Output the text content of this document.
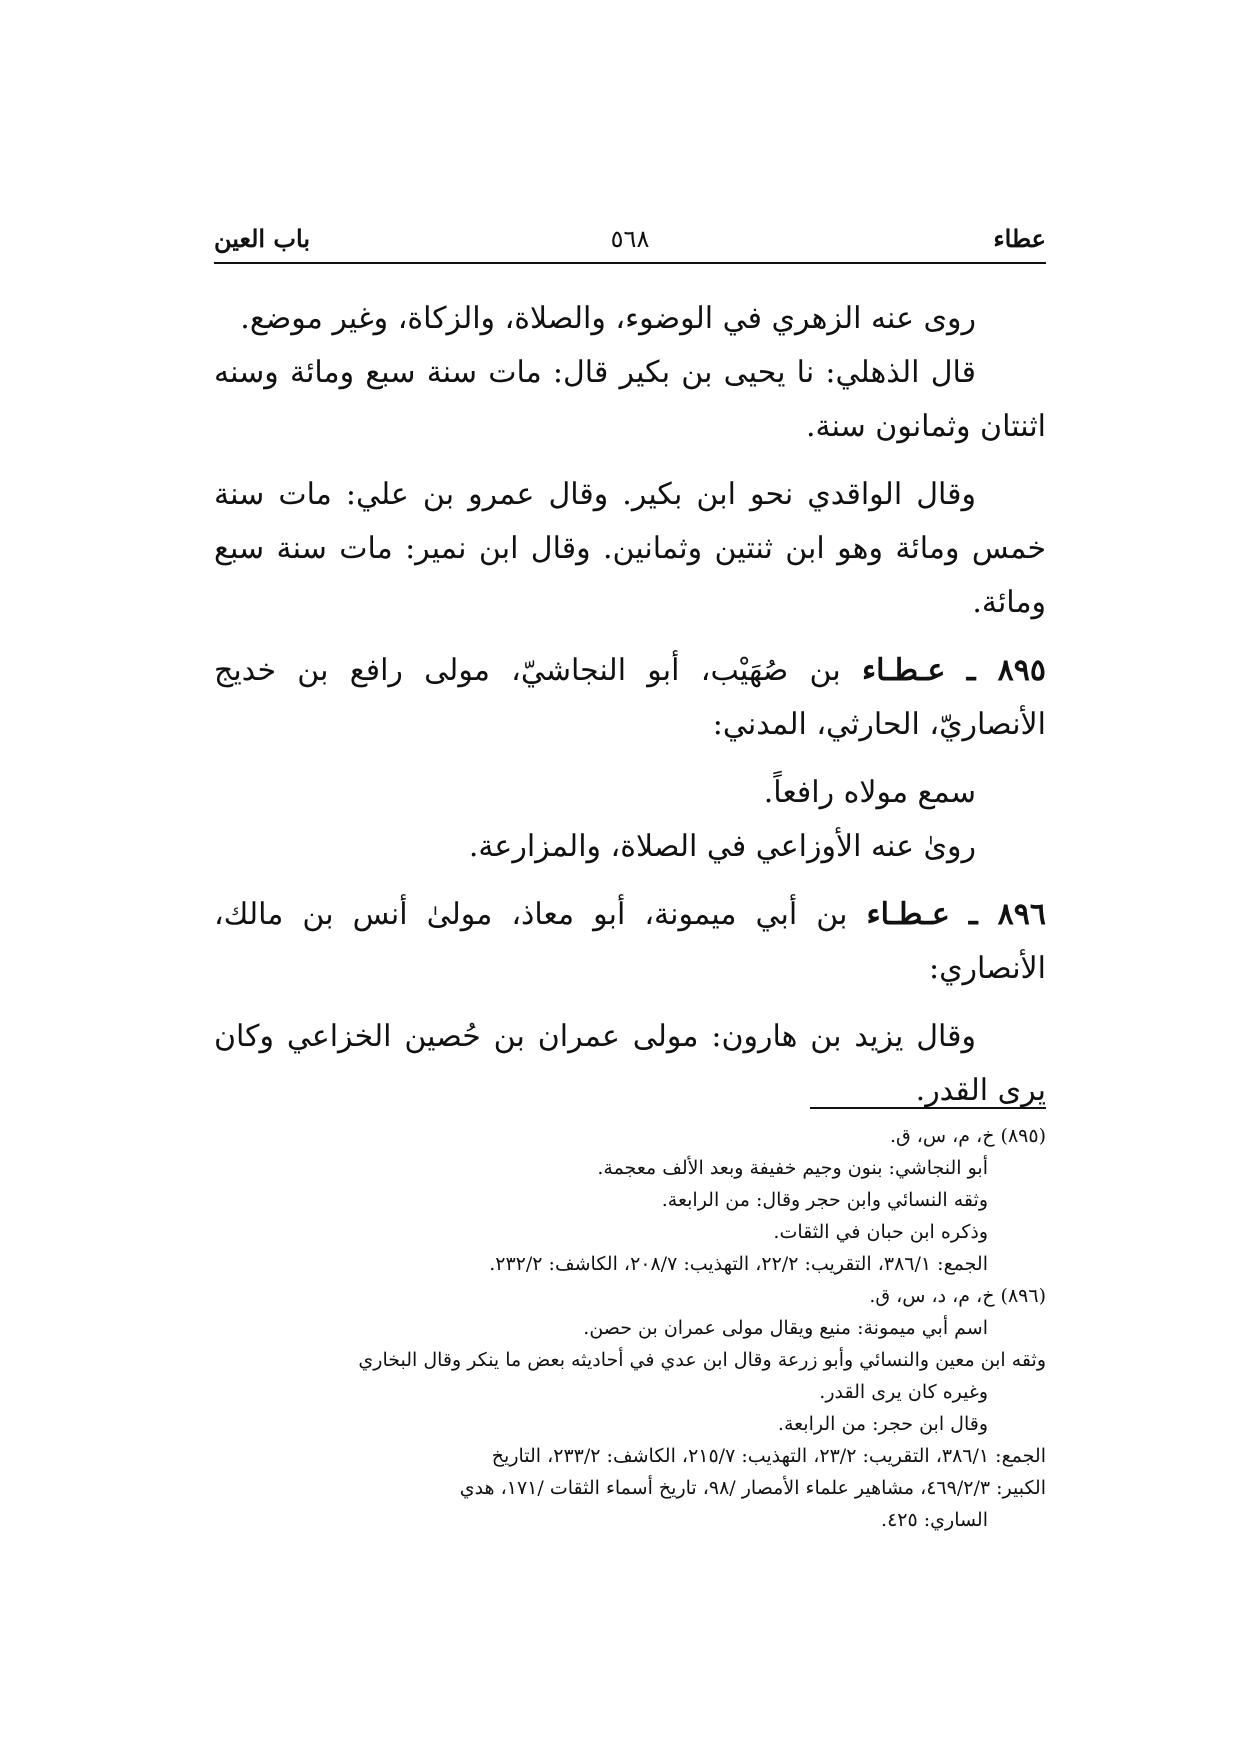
عطاء
٥٦٨
باب العين

روى عنه الزهري في الوضوء، والصلاة، والزكاة، وغير موضع.

قال الذهلي: نا يحيى بن بكير قال: مات سنة سبع ومائة وسنه اثنتان وثمانون سنة.

وقال الواقدي نحو ابن بكير. وقال عمرو بن علي: مات سنة خمس ومائة وهو ابن ثنتين وثمانين. وقال ابن نمير: مات سنة سبع ومائة.

٨٩٥ ـ عـطـاء بن صُهَيْب، أبو النجاشيّ، مولى رافع بن خديج الأنصاريّ، الحارثي، المدني:

سمع مولاه رافعاً.

روىٰ عنه الأوزاعي في الصلاة، والمزارعة.

٨٩٦ ـ عـطـاء بن أبي ميمونة، أبو معاذ، مولىٰ أنس بن مالك، الأنصاري:

وقال يزيد بن هارون: مولى عمران بن حُصين الخزاعي وكان يرى القدر.

(٨٩٥) خ، م، س، ق.

أبو النجاشي: بنون وجيم خفيفة وبعد الألف معجمة.

وثقه النسائي وابن حجر وقال: من الرابعة.

وذكره ابن حبان في الثقات.

الجمع: ٣٨٦/١، التقريب: ٢٢/٢، التهذيب: ٢٠٨/٧، الكاشف: ٢٣٢/٢.

(٨٩٦) خ، م، د، س، ق.

اسم أبي ميمونة: منيع ويقال مولى عمران بن حصن.

وثقه ابن معين والنسائي وأبو زرعة وقال ابن عدي في أحاديثه بعض ما ينكر وقال البخاري

وغيره كان يرى القدر.

وقال ابن حجر: من الرابعة.

الجمع: ٣٨٦/١، التقريب: ٢٣/٢، التهذيب: ٢١٥/٧، الكاشف: ٢٣٣/٢، التاريخ

الكبير: ٤٦٩/٢/٣، مشاهير علماء الأمصار /٩٨، تاريخ أسماء الثقات /١٧١، هدي

الساري: ٤٢٥.
